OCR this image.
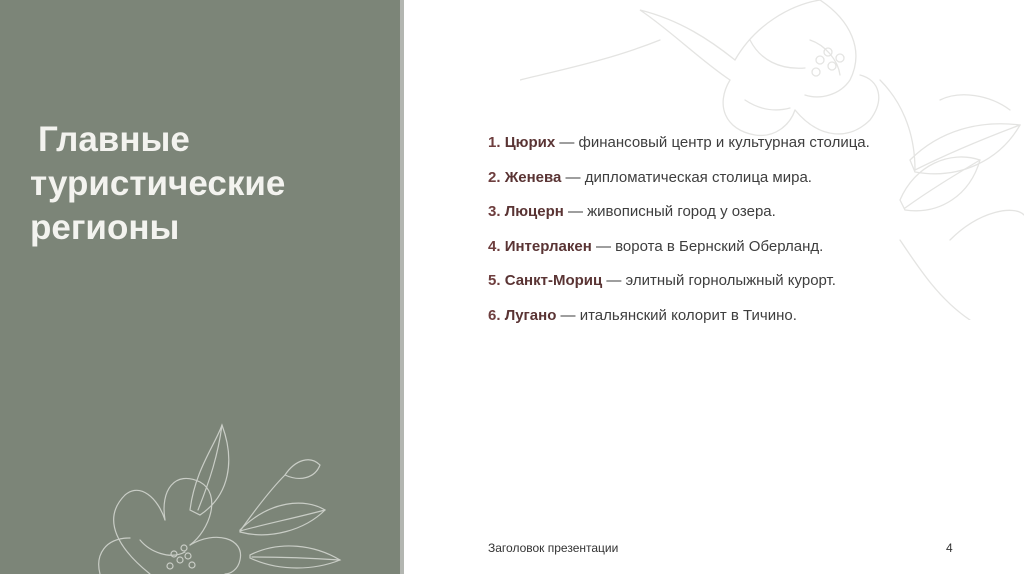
Главные
туристические
регионы
1. Цюрих — финансовый центр и культурная столица.
2. Женева — дипломатическая столица мира.
3. Люцерн — живописный город у озера.
4. Интерлакен — ворота в Бернский Оберланд.
5. Санкт-Мориц — элитный горнолыжный курорт.
6. Лугано — итальянский колорит в Тичино.
Заголовок презентации	4
